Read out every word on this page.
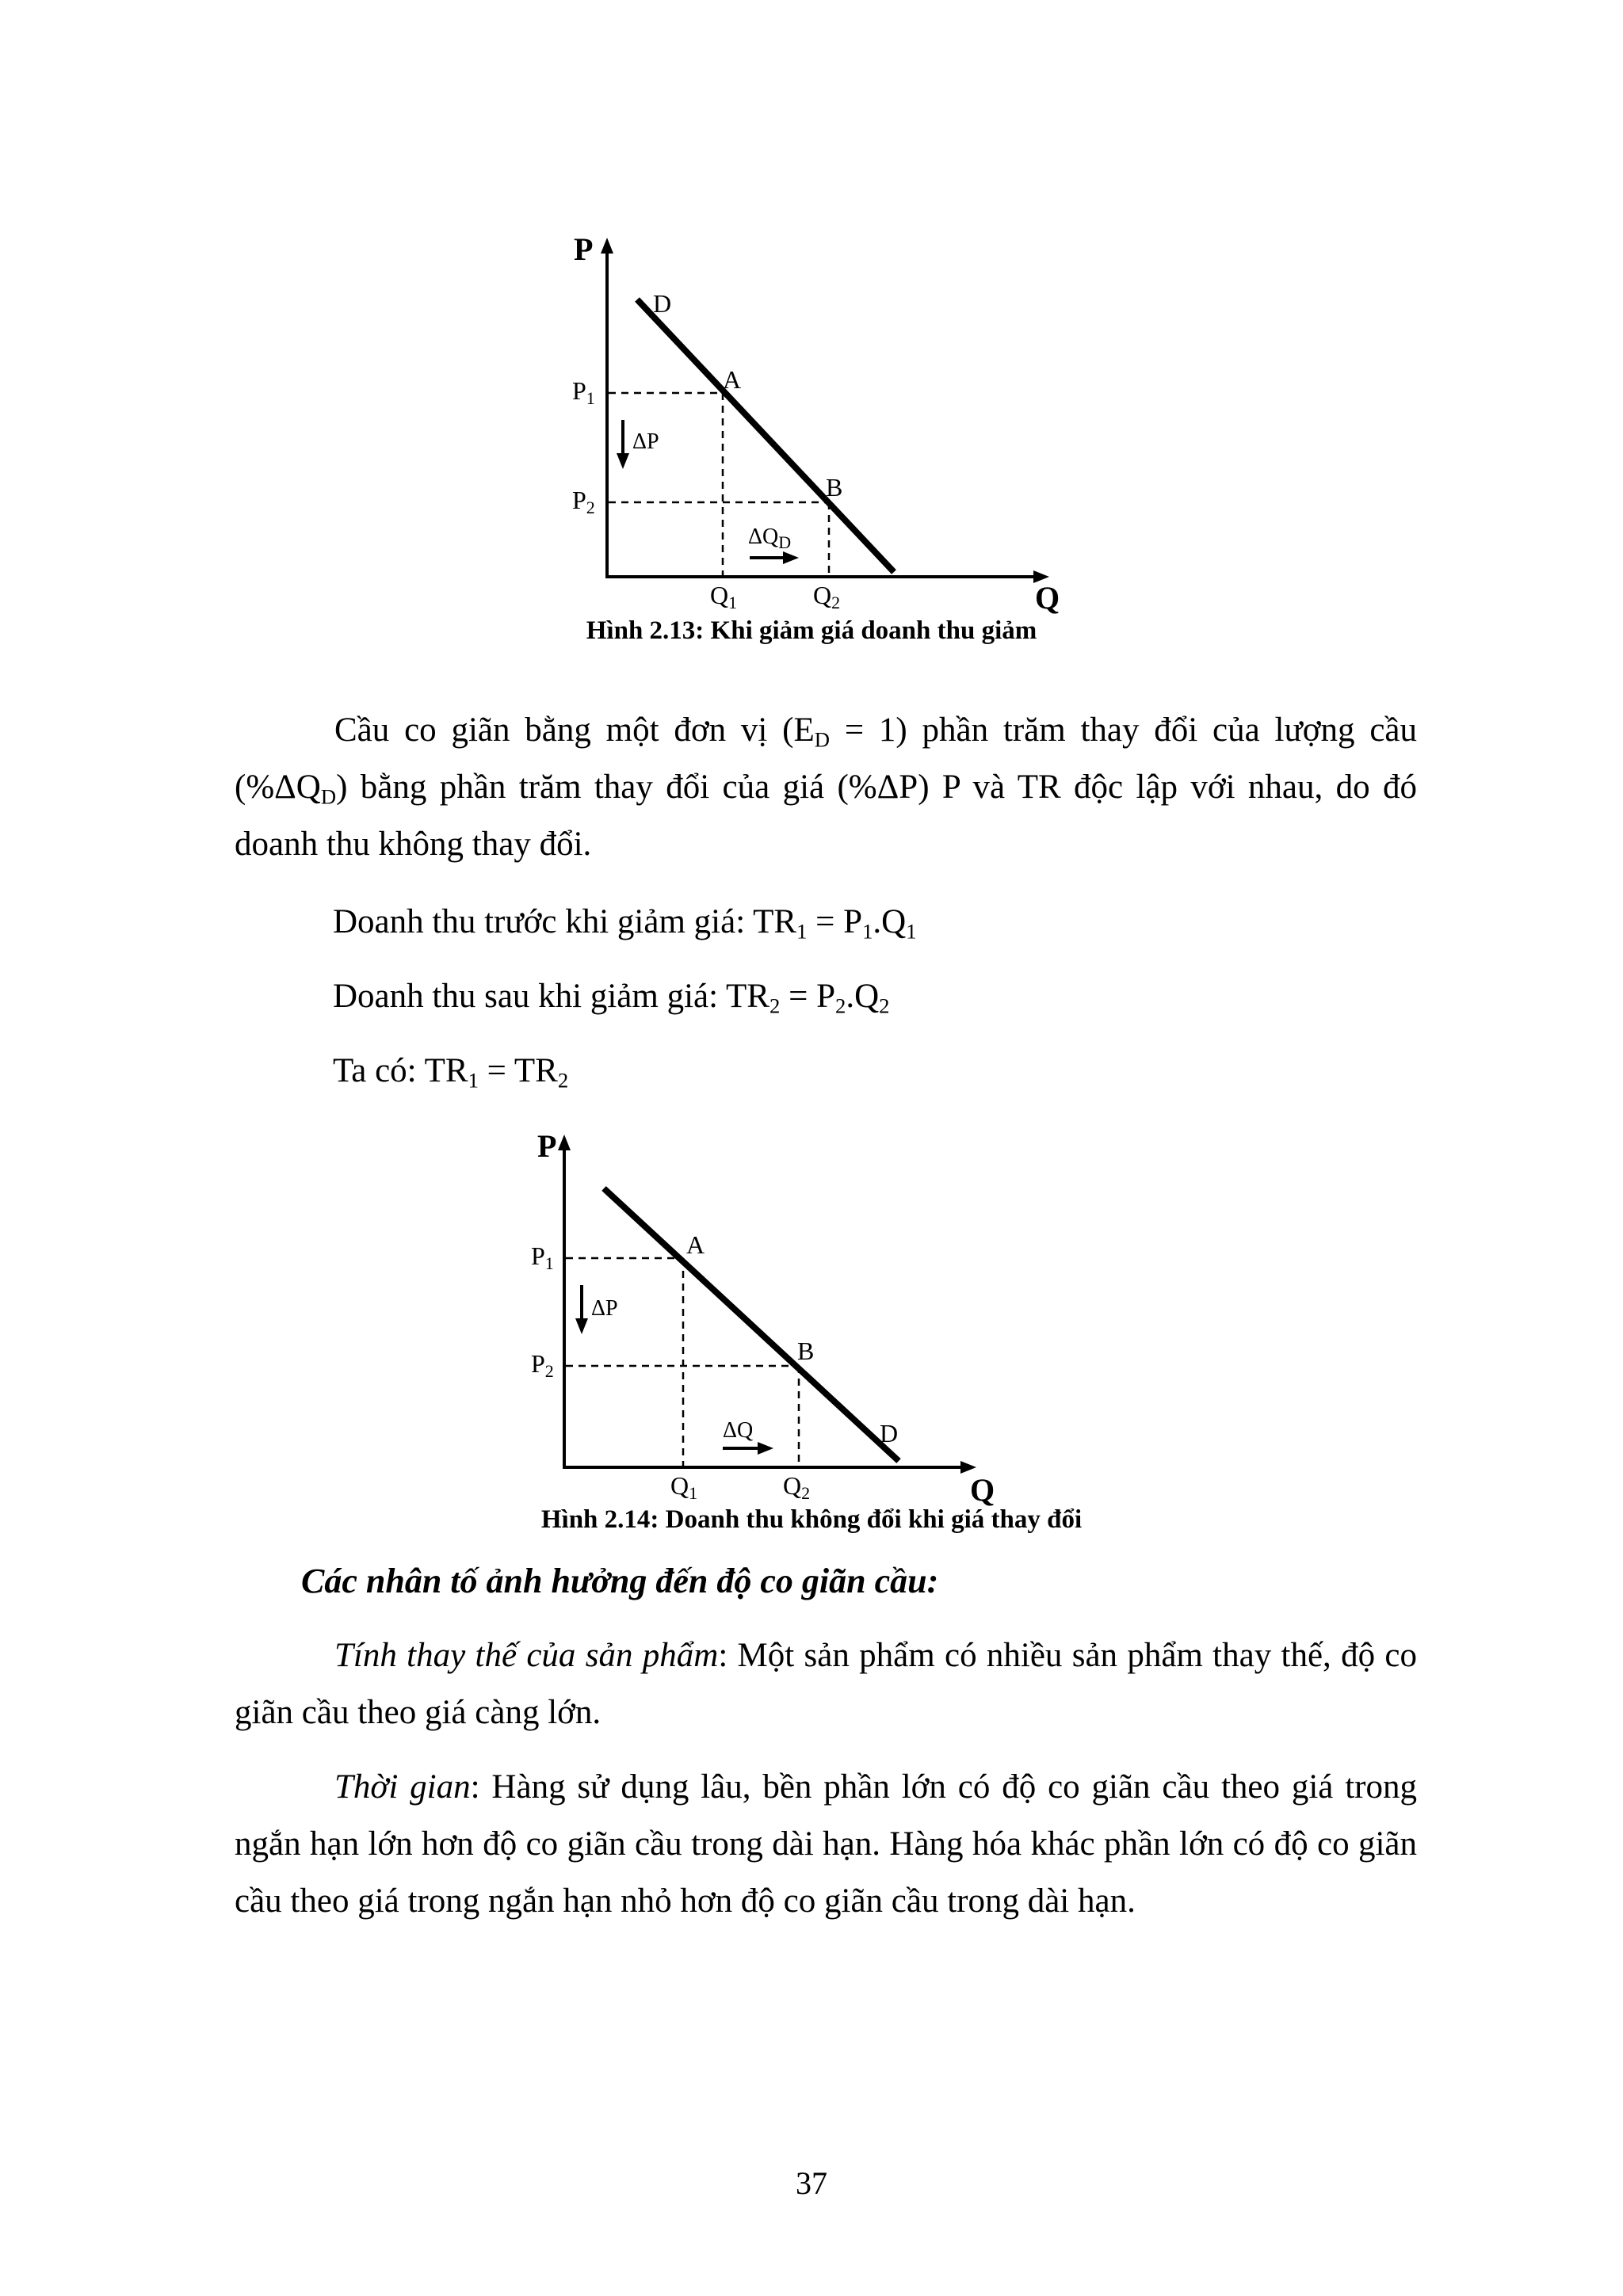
P
Q
D
A
B
P1
P2
Q1	Q2
ΔP
$\Delta Q_D$
Hình 2.13: Khi giảm giá doanh thu giảm
Cầu co giãn bằng một đơn vị $(E_D = 1)$ phần trăm thay đổi của lượng cầu $(\%\Delta Q_D)$ bằng phần trăm thay đổi của giá (%ΔP) P và TR độc lập với nhau, do đó doanh thu không thay đổi.
Doanh thu trước khi giảm giá: $TR_1 = P_1.Q_1$
Doanh thu sau khi giảm giá: $TR_2 = P_2.Q_2$
Ta có: $TR_1 = TR_2$
P
Q
D
A
B
P1
P2
Q1	Q2
ΔP
ΔQ
Hình 2.14: Doanh thu không đổi khi giá thay đổi
Các nhân tố ảnh hưởng đến độ co giãn cầu:
Tính thay thế của sản phẩm: Một sản phẩm có nhiều sản phẩm thay thế, độ co giãn cầu theo giá càng lớn.
Thời gian: Hàng sử dụng lâu, bền phần lớn có độ co giãn cầu theo giá trong ngắn hạn lớn hơn độ co giãn cầu trong dài hạn. Hàng hóa khác phần lớn có độ co giãn cầu theo giá trong ngắn hạn nhỏ hơn độ co giãn cầu trong dài hạn.
37
